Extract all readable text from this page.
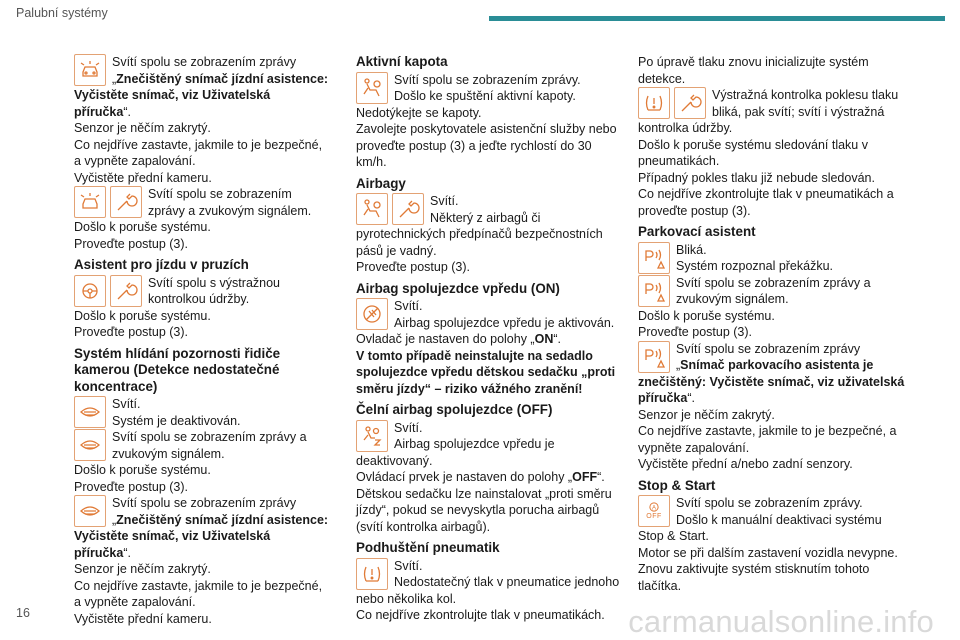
Palubní systémy

Svítí spolu se zobrazením zprávy „Znečištěný snímač jízdní asistence: Vyčistěte snímač, viz Uživatelská příručka“.

Senzor je něčím zakrytý.

Co nejdříve zastavte, jakmile to je bezpečné, a vypněte zapalování.

Vyčistěte přední kameru.

Svítí spolu se zobrazením zprávy a zvukovým signálem.

Došlo k poruše systému.

Proveďte postup (3).

Asistent pro jízdu v pruzích

Svítí spolu s výstražnou kontrolkou údržby.

Došlo k poruše systému.

Proveďte postup (3).

Systém hlídání pozornosti řidiče kamerou (Detekce nedostatečné koncentrace)

Svítí.

Systém je deaktivován.

Svítí spolu se zobrazením zprávy a zvukovým signálem.

Došlo k poruše systému.

Proveďte postup (3).

Svítí spolu se zobrazením zprávy „Znečištěný snímač jízdní asistence: Vyčistěte snímač, viz Uživatelská příručka“.

Senzor je něčím zakrytý.

Co nejdříve zastavte, jakmile to je bezpečné, a vypněte zapalování.

Vyčistěte přední kameru.

Aktivní kapota

Svítí spolu se zobrazením zprávy.

Došlo ke spuštění aktivní kapoty.

Nedotýkejte se kapoty.

Zavolejte poskytovatele asistenční služby nebo proveďte postup (3) a jeďte rychlostí do 30 km/h.

Airbagy

Svítí.

Některý z airbagů či pyrotechnických předpínačů bezpečnostních pásů je vadný.

Proveďte postup (3).

Airbag spolujezdce vpředu (ON)

Svítí.

Airbag spolujezdce vpředu je aktivován.

Ovladač je nastaven do polohy „ON“.

V tomto případě neinstalujte na sedadlo spolujezdce vpředu dětskou sedačku „proti směru jízdy“ – riziko vážného zranění!

Čelní airbag spolujezdce (OFF)

Svítí.

Airbag spolujezdce vpředu je deaktivovaný.

Ovládací prvek je nastaven do polohy „OFF“.

Dětskou sedačku lze nainstalovat „proti směru jízdy“, pokud se nevyskytla porucha airbagů (svítí kontrolka airbagů).

Podhuštění pneumatik

Svítí.

Nedostatečný tlak v pneumatice jednoho nebo několika kol.

Co nejdříve zkontrolujte tlak v pneumatikách.

Po úpravě tlaku znovu inicializujte systém detekce.

Výstražná kontrolka poklesu tlaku bliká, pak svítí; svítí i výstražná kontrolka údržby.

Došlo k poruše systému sledování tlaku v pneumatikách.

Případný pokles tlaku již nebude sledován.

Co nejdříve zkontrolujte tlak v pneumatikách a proveďte postup (3).

Parkovací asistent

Bliká.

Systém rozpoznal překážku.

Svítí spolu se zobrazením zprávy a zvukovým signálem.

Došlo k poruše systému.

Proveďte postup (3).

Svítí spolu se zobrazením zprávy „Snímač parkovacího asistenta je znečištěný: Vyčistěte snímač, viz uživatelská příručka“.

Senzor je něčím zakrytý.

Co nejdříve zastavte, jakmile to je bezpečné, a vypněte zapalování.

Vyčistěte přední a/nebo zadní senzory.

Stop & Start

A
OFF

Svítí spolu se zobrazením zprávy.

Došlo k manuální deaktivaci systému Stop & Start.

Motor se při dalším zastavení vozidla nevypne.

Znovu zaktivujte systém stisknutím tohoto tlačítka.

16	carmanualsonline.info
